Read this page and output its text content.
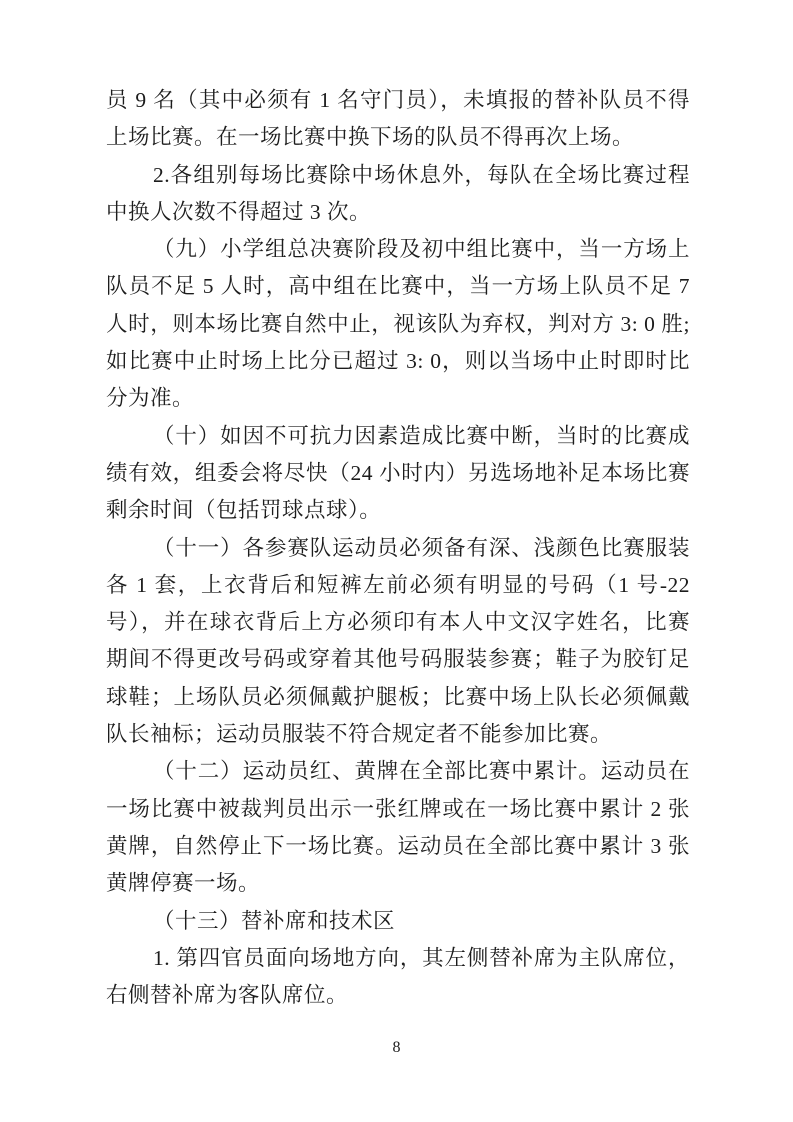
员 9 名（其中必须有 1 名守门员），未填报的替补队员不得
上场比赛。在一场比赛中换下场的队员不得再次上场。
2.各组别每场比赛除中场休息外，每队在全场比赛过程
中换人次数不得超过 3 次。
（九）小学组总决赛阶段及初中组比赛中，当一方场上
队员不足 5 人时，高中组在比赛中，当一方场上队员不足 7
人时，则本场比赛自然中止，视该队为弃权，判对方 3: 0 胜;
如比赛中止时场上比分已超过 3: 0，则以当场中止时即时比
分为准。
（十）如因不可抗力因素造成比赛中断，当时的比赛成
绩有效，组委会将尽快（24 小时内）另选场地补足本场比赛
剩余时间（包括罚球点球）。
（十一）各参赛队运动员必须备有深、浅颜色比赛服装
各 1 套，上衣背后和短裤左前必须有明显的号码（1 号-22
号），并在球衣背后上方必须印有本人中文汉字姓名，比赛
期间不得更改号码或穿着其他号码服装参赛；鞋子为胶钉足
球鞋；上场队员必须佩戴护腿板；比赛中场上队长必须佩戴
队长袖标；运动员服装不符合规定者不能参加比赛。
（十二）运动员红、黄牌在全部比赛中累计。运动员在
一场比赛中被裁判员出示一张红牌或在一场比赛中累计 2 张
黄牌，自然停止下一场比赛。运动员在全部比赛中累计 3 张
黄牌停赛一场。
（十三）替补席和技术区
1. 第四官员面向场地方向，其左侧替补席为主队席位，
右侧替补席为客队席位。
8
